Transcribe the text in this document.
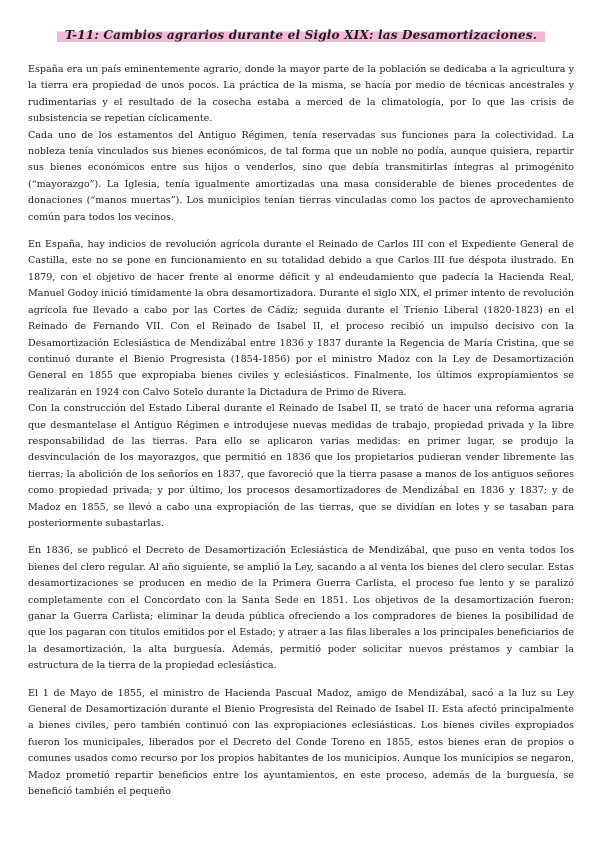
T-11: Cambios agrarios durante el Siglo XIX: las Desamortizaciones.

España era un país eminentemente agrario, donde la mayor parte de la población se dedicaba a la agricultura y la tierra era propiedad de unos pocos. La práctica de la misma, se hacía por medio de técnicas ancestrales y rudimentarias y el resultado de la cosecha estaba a merced de la climatología, por lo que las crisis de subsistencia se repetían cíclicamente.

Cada uno de los estamentos del Antiguo Régimen, tenía reservadas sus funciones para la colectividad. La nobleza tenía vinculados sus bienes económicos, de tal forma que un noble no podía, aunque quisiera, repartir sus bienes económicos entre sus hijos o venderlos, sino que debía transmitirlas íntegras al primogénito (“mayorazgo”). La Iglesia, tenía igualmente amortizadas una masa considerable de bienes procedentes de donaciones (“manos muertas”). Los municipios tenían tierras vinculadas como los pactos de aprovechamiento común para todos los vecinos.

En España, hay indicios de revolución agrícola durante el Reinado de Carlos III con el Expediente General de Castilla, este no se pone en funcionamiento en su totalidad debido a que Carlos III fue déspota ilustrado. En 1879, con el objetivo de hacer frente al enorme déficit y al endeudamiento que padecía la Hacienda Real, Manuel Godoy inició tímidamente la obra desamortizadora. Durante el siglo XIX, el primer intento de revolución agrícola fue llevado a cabo por las Cortes de Cádiz; seguida durante el Trienio Liberal (1820-1823) en el Reinado de Fernando VII. Con el Reinado de Isabel II, el proceso recibió un impulso decisivo con la Desamortización Eclesiástica de Mendizábal entre 1836 y 1837 durante la Regencia de María Cristina, que se continuó durante el Bienio Progresista (1854-1856) por el ministro Madoz con la Ley de Desamortización General en 1855 que expropiaba bienes civiles y eclesiásticos. Finalmente, los últimos expropiamientos se realizarán en 1924 con Calvo Sotelo durante la Dictadura de Primo de Rivera.

Con la construcción del Estado Liberal durante el Reinado de Isabel II, se trató de hacer una reforma agraria que desmantelase el Antiguo Régimen e introdujese nuevas medidas de trabajo, propiedad privada y la libre responsabilidad de las tierras. Para ello se aplicaron varias medidas: en primer lugar, se produjo la desvinculación de los mayorazgos, que permitió en 1836 que los propietarios pudieran vender libremente las tierras; la abolición de los señoríos en 1837, que favoreció que la tierra pasase a manos de los antiguos señores como propiedad privada; y por último, los procesos desamortizadores de Mendizábal en 1836 y 1837; y de Madoz en 1855, se llevó a cabo una expropiación de las tierras, que se dividían en lotes y se tasaban para posteriormente subastarlas.

En 1836, se publicó el Decreto de Desamortización Eclesiástica de Mendizábal, que puso en venta todos los bienes del clero regular. Al año siguiente, se amplió la Ley, sacando a al venta los bienes del clero secular. Estas desamortizaciones se producen en medio de la Primera Guerra Carlista, el proceso fue lento y se paralizó completamente con el Concordato con la Santa Sede en 1851. Los objetivos de la desamortización fueron: ganar la Guerra Carlista; eliminar la deuda pública ofreciendo a los compradores de bienes la posibilidad de que los pagaran con títulos emitidos por el Estado; y atraer a las filas liberales a los principales beneficiarios de la desamortización, la alta burguesía. Además, permitió poder solicitar nuevos préstamos y cambiar la estructura de la tierra de la propiedad eclesiástica.

El 1 de Mayo de 1855, el ministro de Hacienda Pascual Madoz, amigo de Mendizábal, sacó a la luz su Ley General de Desamortización durante el Bienio Progresista del Reinado de Isabel II. Esta afectó principalmente a bienes civiles, pero también continuó con las expropiaciones eclesiásticas. Los bienes civiles expropiados fueron los municipales, liberados por el Decreto del Conde Toreno en 1855, estos bienes eran de propios o comunes usados como recurso por los propios habitantes de los municipios. Aunque los municipios se negaron, Madoz prometió repartir beneficios entre los ayuntamientos, en este proceso, además de la burguesía, se benefició también el pequeño
